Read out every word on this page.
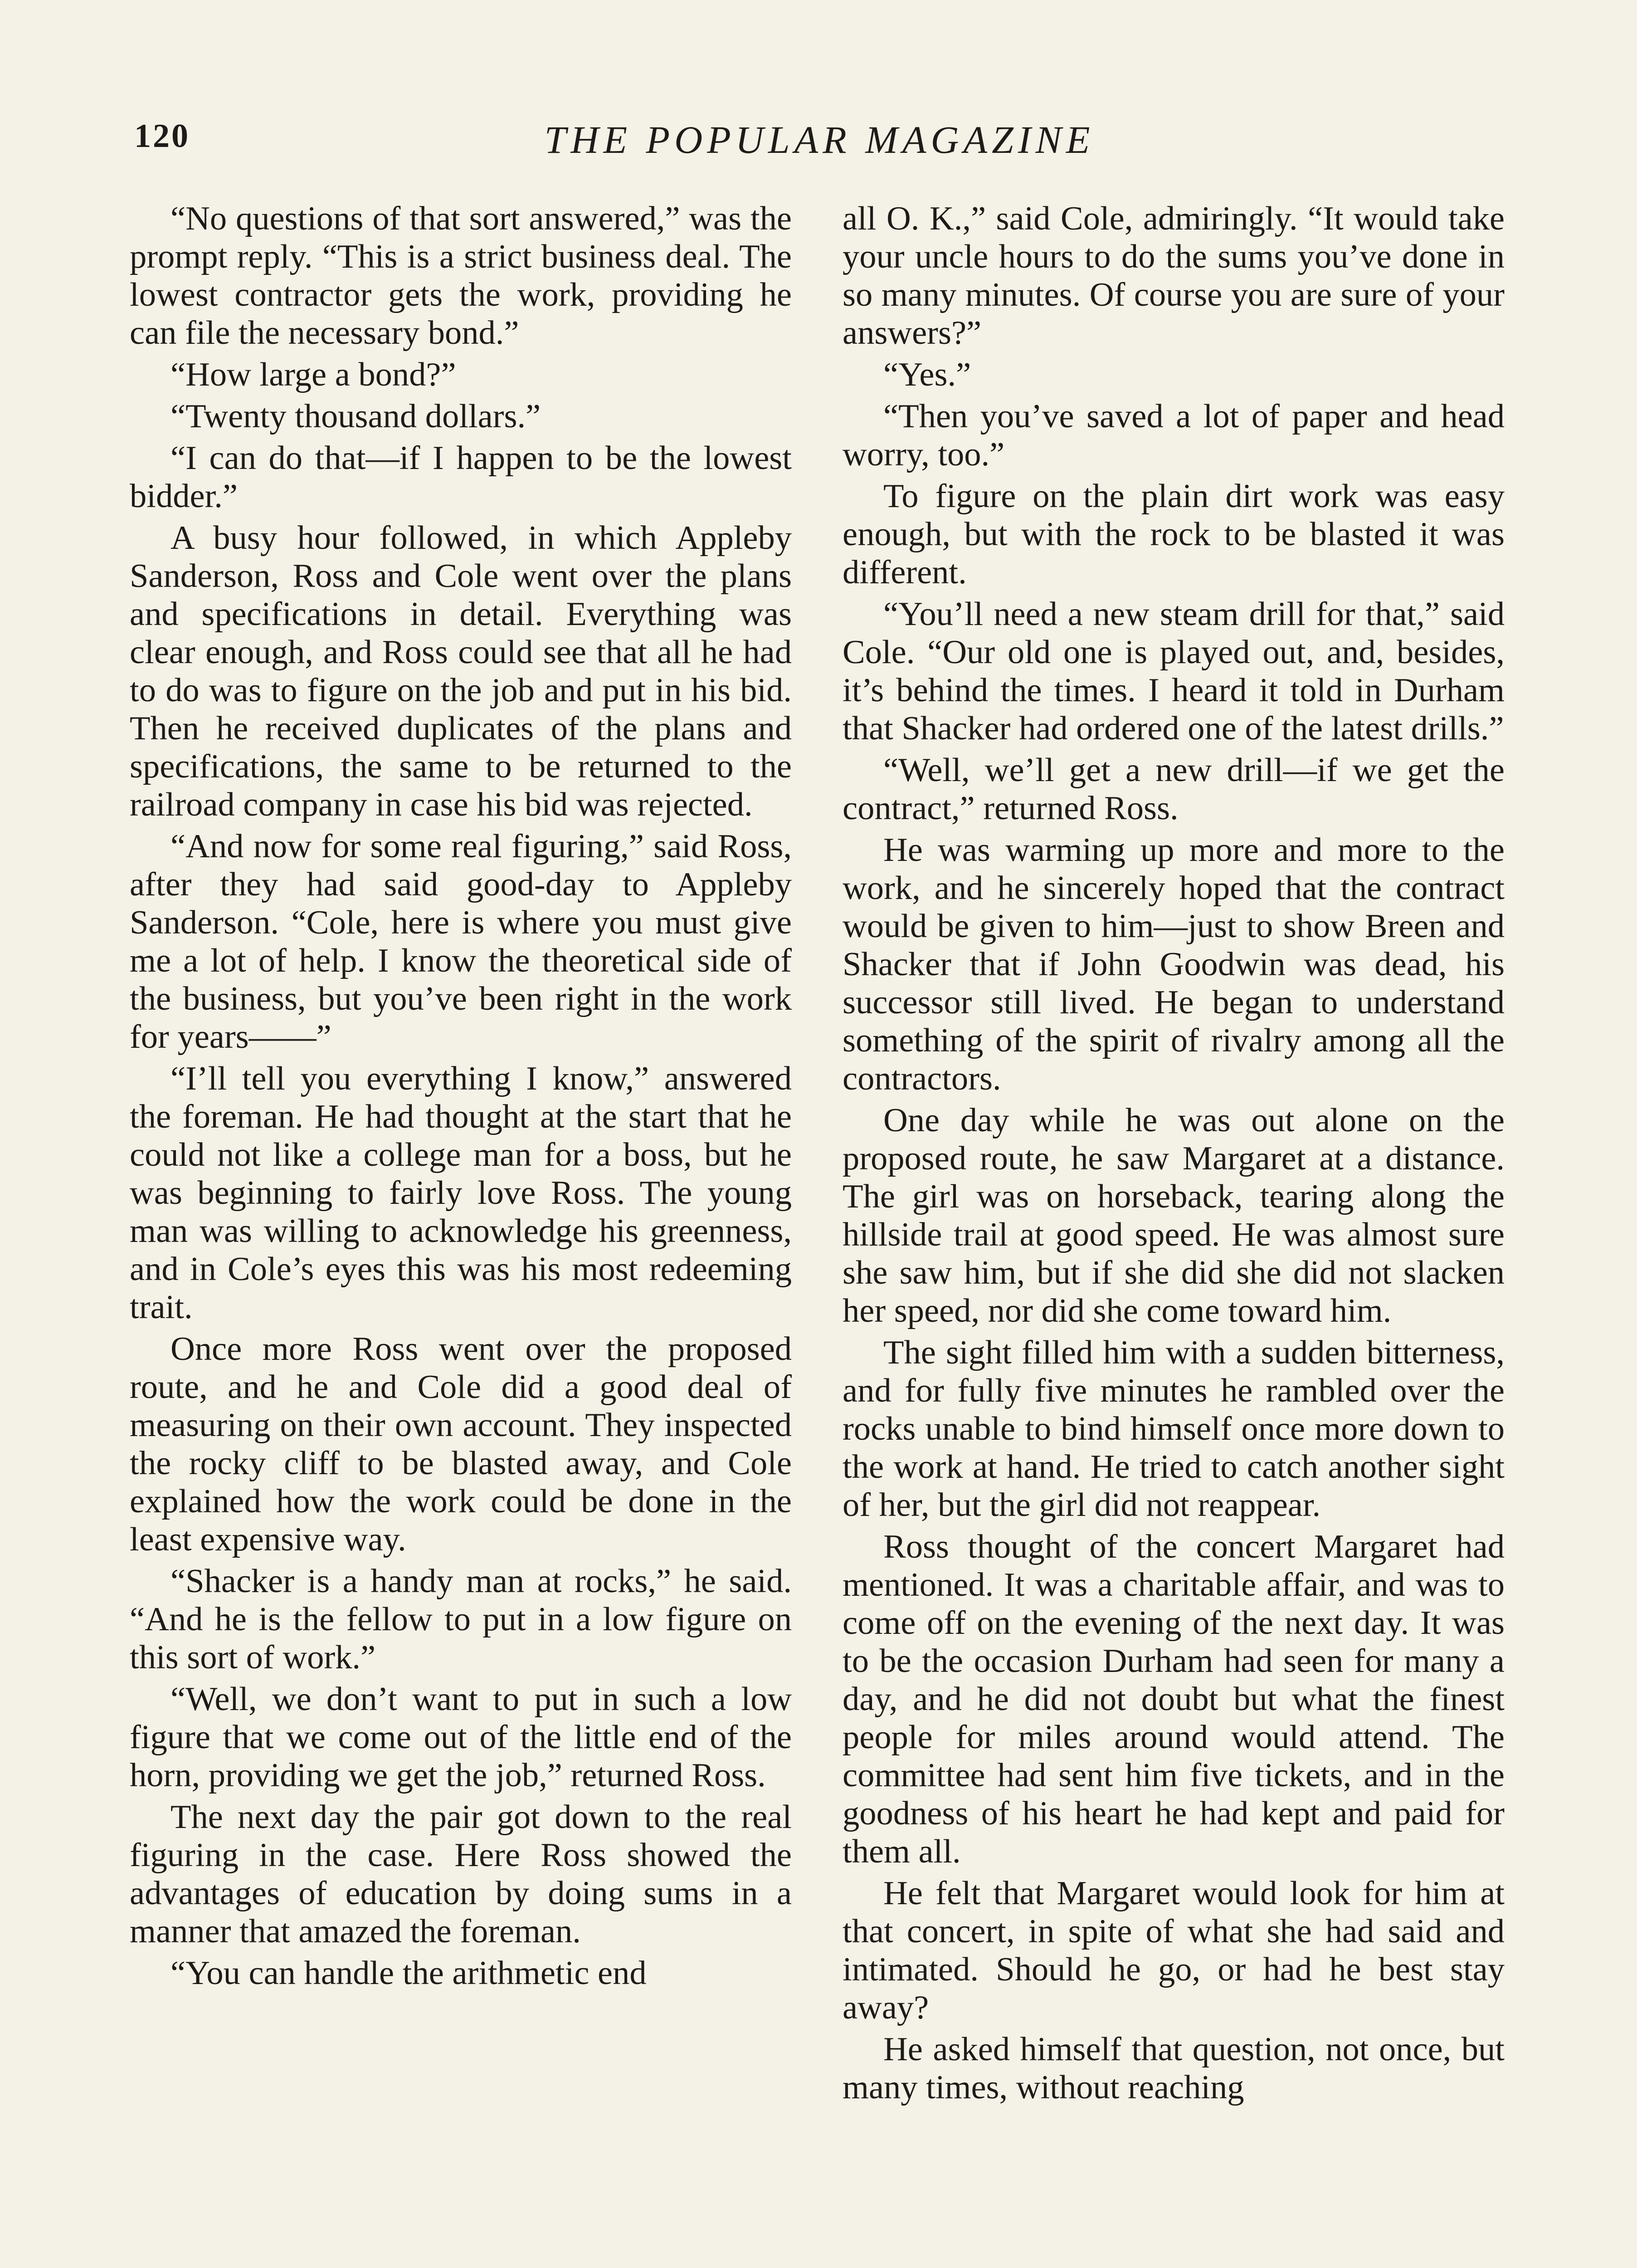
120	THE POPULAR MAGAZINE

“No questions of that sort answered,” was the prompt reply. “This is a strict business deal. The lowest contractor gets the work, providing he can file the necessary bond.”

“How large a bond?”

“Twenty thousand dollars.”

“I can do that—if I happen to be the lowest bidder.”

A busy hour followed, in which Appleby Sanderson, Ross and Cole went over the plans and specifications in detail. Everything was clear enough, and Ross could see that all he had to do was to figure on the job and put in his bid. Then he received duplicates of the plans and specifications, the same to be returned to the railroad company in case his bid was rejected.

“And now for some real figuring,” said Ross, after they had said good-day to Appleby Sanderson. “Cole, here is where you must give me a lot of help. I know the theoretical side of the business, but you’ve been right in the work for years——”

“I’ll tell you everything I know,” answered the foreman. He had thought at the start that he could not like a college man for a boss, but he was beginning to fairly love Ross. The young man was willing to acknowledge his greenness, and in Cole’s eyes this was his most redeeming trait.

Once more Ross went over the proposed route, and he and Cole did a good deal of measuring on their own account. They inspected the rocky cliff to be blasted away, and Cole explained how the work could be done in the least expensive way.

“Shacker is a handy man at rocks,” he said. “And he is the fellow to put in a low figure on this sort of work.”

“Well, we don’t want to put in such a low figure that we come out of the little end of the horn, providing we get the job,” returned Ross.

The next day the pair got down to the real figuring in the case. Here Ross showed the advantages of education by doing sums in a manner that amazed the foreman.

“You can handle the arithmetic end

all O. K.,” said Cole, admiringly. “It would take your uncle hours to do the sums you’ve done in so many minutes. Of course you are sure of your answers?”

“Yes.”

“Then you’ve saved a lot of paper and head worry, too.”

To figure on the plain dirt work was easy enough, but with the rock to be blasted it was different.

“You’ll need a new steam drill for that,” said Cole. “Our old one is played out, and, besides, it’s behind the times. I heard it told in Durham that Shacker had ordered one of the latest drills.”

“Well, we’ll get a new drill—if we get the contract,” returned Ross.

He was warming up more and more to the work, and he sincerely hoped that the contract would be given to him—just to show Breen and Shacker that if John Goodwin was dead, his successor still lived. He began to understand something of the spirit of rivalry among all the contractors.

One day while he was out alone on the proposed route, he saw Margaret at a distance. The girl was on horseback, tearing along the hillside trail at good speed. He was almost sure she saw him, but if she did she did not slacken her speed, nor did she come toward him.

The sight filled him with a sudden bitterness, and for fully five minutes he rambled over the rocks unable to bind himself once more down to the work at hand. He tried to catch another sight of her, but the girl did not reappear.

Ross thought of the concert Margaret had mentioned. It was a charitable affair, and was to come off on the evening of the next day. It was to be the occasion Durham had seen for many a day, and he did not doubt but what the finest people for miles around would attend. The committee had sent him five tickets, and in the goodness of his heart he had kept and paid for them all.

He felt that Margaret would look for him at that concert, in spite of what she had said and intimated. Should he go, or had he best stay away?

He asked himself that question, not once, but many times, without reaching
